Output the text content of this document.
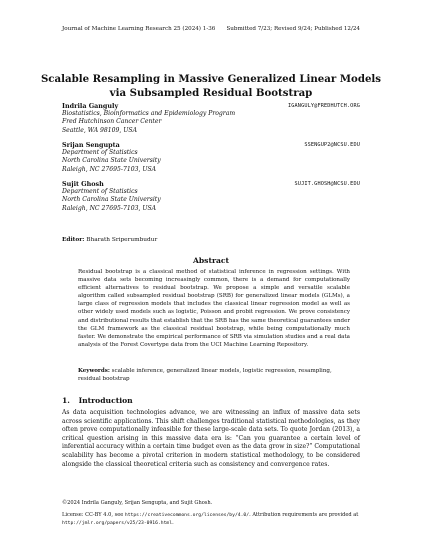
Journal of Machine Learning Research 25 (2024) 1-36 Submitted 7/23; Revised 9/24; Published 12/24
Scalable Resampling in Massive Generalized Linear Models
via Subsampled Residual Bootstrap
Indrila Ganguly	IGANGULY@FREDHUTCH.ORG
Biostatistics, Bioinformatics and Epidemiology Program
Fred Hutchinson Cancer Center
Seattle, WA 98109, USA
Srijan Sengupta	SSENGUP2@NCSU.EDU
Department of Statistics
North Carolina State University
Raleigh, NC 27695-7103, USA
Sujit Ghosh	SUJIT.GHOSH@NCSU.EDU
Department of Statistics
North Carolina State University
Raleigh, NC 27695-7103, USA
Editor: Bharath Sriperumbudur
Abstract
Residual bootstrap is a classical method of statistical inference in regression settings. With massive data sets becoming increasingly common, there is a demand for computationally efficient alternatives to residual bootstrap. We propose a simple and versatile scalable algorithm called subsampled residual bootstrap (SRB) for generalized linear models (GLMs), a large class of regression models that includes the classical linear regression model as well as other widely used models such as logistic, Poisson and probit regression. We prove consistency and distributional results that establish that the SRB has the same theoretical guarantees under the GLM framework as the classical residual bootstrap, while being computationally much faster. We demonstrate the empirical performance of SRB via simulation studies and a real data analysis of the Forest Covertype data from the UCI Machine Learning Repository.
Keywords: scalable inference, generalized linear models, logistic regression, resampling, residual bootstrap
1. Introduction
As data acquisition technologies advance, we are witnessing an influx of massive data sets across scientific applications. This shift challenges traditional statistical methodologies, as they often prove computationally infeasible for these large-scale data sets. To quote Jordan (2013), a critical question arising in this massive data era is: “Can you guarantee a certain level of inferential accuracy within a certain time budget even as the data grow in size?” Computational scalability has become a pivotal criterion in modern statistical methodology, to be considered alongside the classical theoretical criteria such as consistency and convergence rates.
©2024 Indrila Ganguly, Srijan Sengupta, and Sujit Ghosh.
License: CC-BY 4.0, see https://creativecommons.org/licenses/by/4.0/. Attribution requirements are provided at http://jmlr.org/papers/v25/23-0916.html.
